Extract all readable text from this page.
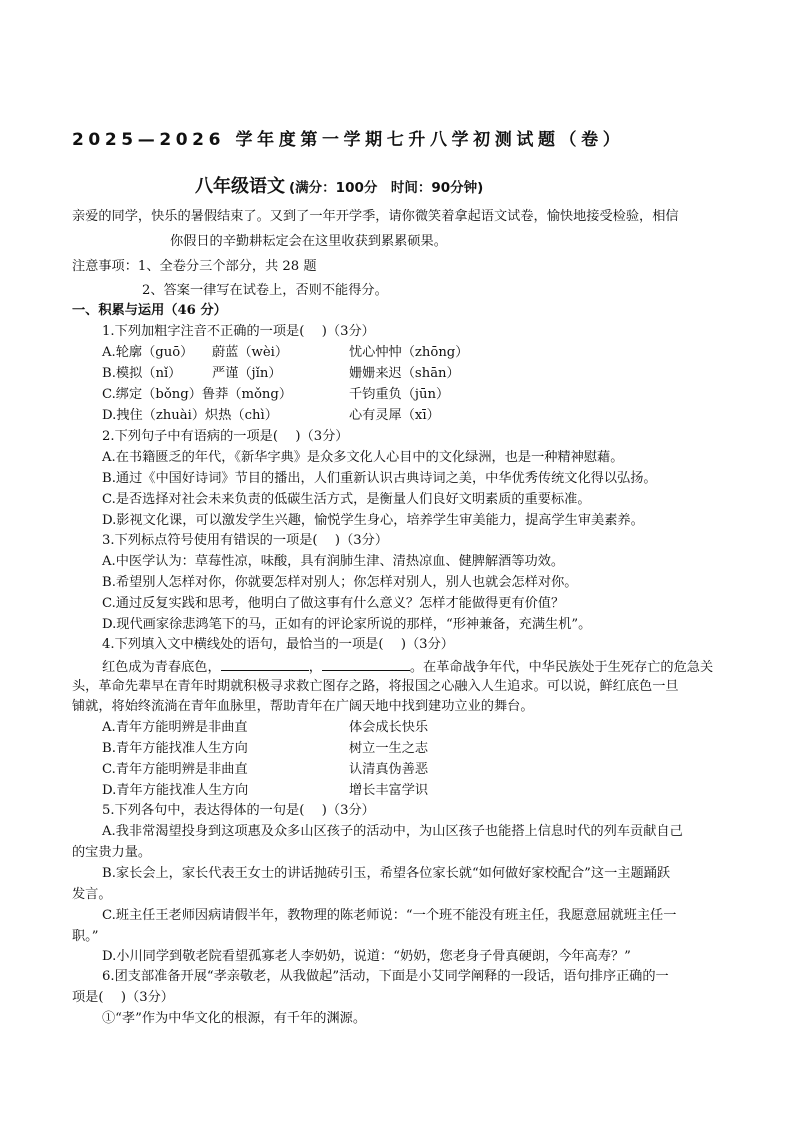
2025—2026 学年度第一学期七升八学初测试题（卷）
八年级语文 (满分：100分　时间：90分钟)
亲爱的同学，快乐的暑假结束了。又到了一年开学季，请你微笑着拿起语文试卷，愉快地接受检验，相信
你假日的辛勤耕耘定会在这里收获到累累硕果。
注意事项：1、全卷分三个部分，共 28 题
2、答案一律写在试卷上，否则不能得分。
一、积累与运用（46 分）
1.下列加粗字注音不正确的一项是(　 )（3分）
A.轮廓（guō） 蔚蓝（wèi）	忧心忡忡（zhōng）
B.模拟（nǐ） 严谨（jǐn）	姗姗来迟（shān）
C.绑定（bǒng）鲁莽（mǒng）	千钧重负（jūn）
D.拽住（zhuài）炽热（chì）	心有灵犀（xī）
2.下列句子中有语病的一项是(　 )（3分）
A.在书籍匮乏的年代，《新华字典》是众多文化人心目中的文化绿洲，也是一种精神慰藉。
B.通过《中国好诗词》节目的播出，人们重新认识古典诗词之美，中华优秀传统文化得以弘扬。
C.是否选择对社会未来负责的低碳生活方式，是衡量人们良好文明素质的重要标准。
D.影视文化课，可以激发学生兴趣，愉悦学生身心，培养学生审美能力，提高学生审美素养。
3.下列标点符号使用有错误的一项是(　 )（3分）
A.中医学认为：草莓性凉，味酸，具有润肺生津、清热凉血、健脾解酒等功效。
B.希望别人怎样对你，你就要怎样对别人；你怎样对别人，别人也就会怎样对你。
C.通过反复实践和思考，他明白了做这事有什么意义？怎样才能做得更有价值？
D.现代画家徐悲鸿笔下的马，正如有的评论家所说的那样，“形神兼备，充满生机”。
4.下列填入文中横线处的语句，最恰当的一项是(　 )（3分）
红色成为青春底色，	，	。在革命战争年代，中华民族处于生死存亡的危急关
头，革命先辈早在青年时期就积极寻求救亡图存之路，将报国之心融入人生追求。可以说，鲜红底色一旦
铺就，将始终流淌在青年血脉里，帮助青年在广阔天地中找到建功立业的舞台。
A.青年方能明辨是非曲直	体会成长快乐
B.青年方能找准人生方向	树立一生之志
C.青年方能明辨是非曲直	认清真伪善恶
D.青年方能找准人生方向	增长丰富学识
5.下列各句中，表达得体的一句是(　 )（3分）
A.我非常渴望投身到这项惠及众多山区孩子的活动中，为山区孩子也能搭上信息时代的列车贡献自己
的宝贵力量。
B.家长会上，家长代表王女士的讲话抛砖引玉，希望各位家长就“如何做好家校配合”这一主题踊跃
发言。
C.班主任王老师因病请假半年，教物理的陈老师说：“一个班不能没有班主任，我愿意屈就班主任一
职。”
D.小川同学到敬老院看望孤寡老人李奶奶，说道：“奶奶，您老身子骨真硬朗，今年高寿？”
6.团支部准备开展“孝亲敬老，从我做起”活动，下面是小艾同学阐释的一段话，语句排序正确的一
项是(　 )（3分）
①“孝”作为中华文化的根源，有千年的渊源。
